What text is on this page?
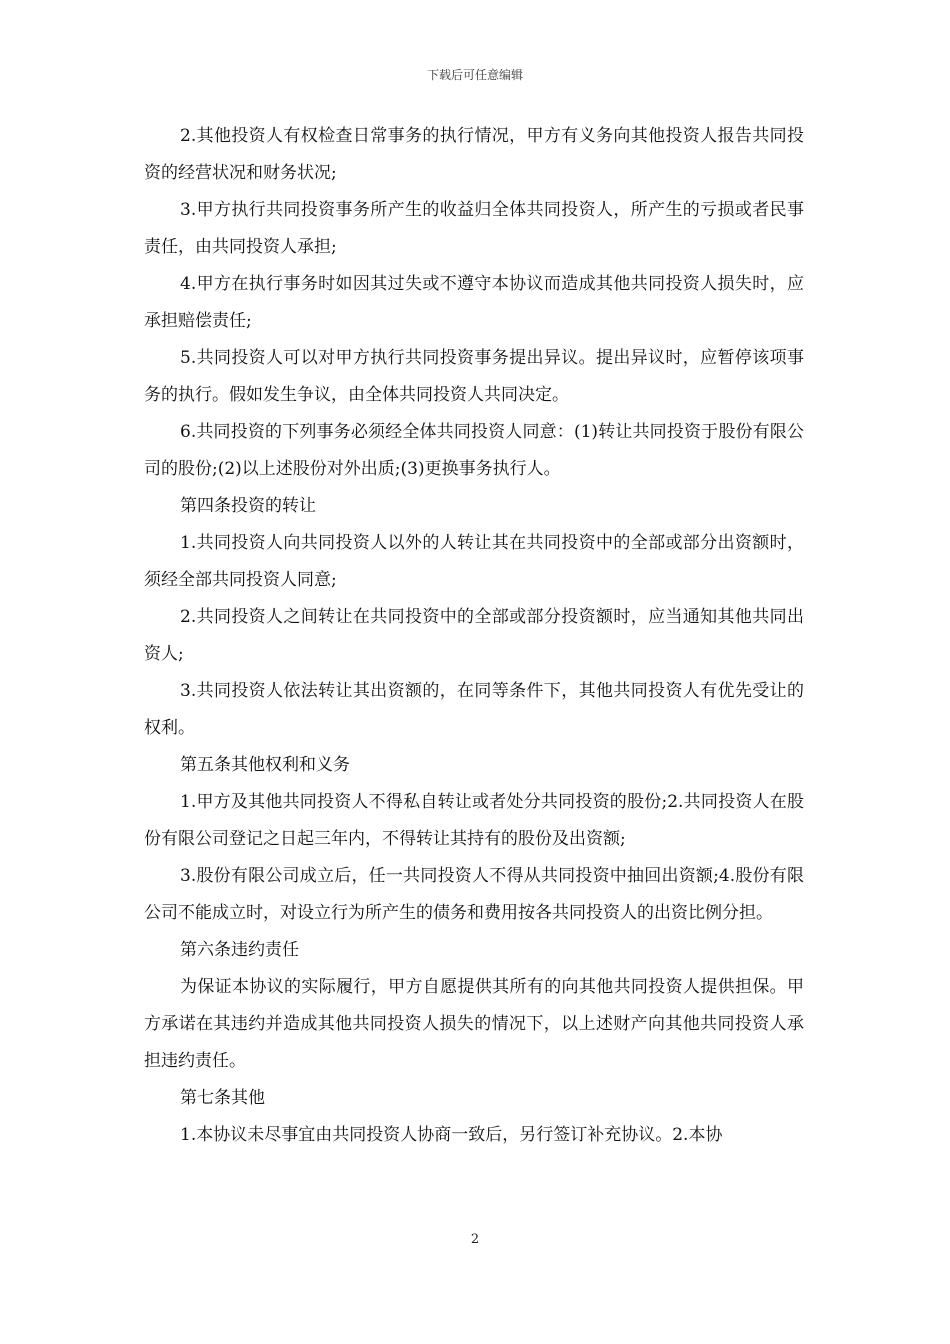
下载后可任意编辑

2.其他投资人有权检查日常事务的执行情况，甲方有义务向其他投资人报告共同投资的经营状况和财务状况;

3.甲方执行共同投资事务所产生的收益归全体共同投资人，所产生的亏损或者民事责任，由共同投资人承担;

4.甲方在执行事务时如因其过失或不遵守本协议而造成其他共同投资人损失时，应承担赔偿责任;

5.共同投资人可以对甲方执行共同投资事务提出异议。提出异议时，应暂停该项事务的执行。假如发生争议，由全体共同投资人共同决定。

6.共同投资的下列事务必须经全体共同投资人同意：(1)转让共同投资于股份有限公司的股份;(2)以上述股份对外出质;(3)更换事务执行人。

第四条投资的转让

1.共同投资人向共同投资人以外的人转让其在共同投资中的全部或部分出资额时，须经全部共同投资人同意;

2.共同投资人之间转让在共同投资中的全部或部分投资额时，应当通知其他共同出资人;

3.共同投资人依法转让其出资额的，在同等条件下，其他共同投资人有优先受让的权利。

第五条其他权利和义务

1.甲方及其他共同投资人不得私自转让或者处分共同投资的股份;2.共同投资人在股份有限公司登记之日起三年内，不得转让其持有的股份及出资额;

3.股份有限公司成立后，任一共同投资人不得从共同投资中抽回出资额;4.股份有限公司不能成立时，对设立行为所产生的债务和费用按各共同投资人的出资比例分担。

第六条违约责任

为保证本协议的实际履行，甲方自愿提供其所有的向其他共同投资人提供担保。甲方承诺在其违约并造成其他共同投资人损失的情况下，以上述财产向其他共同投资人承担违约责任。

第七条其他

1.本协议未尽事宜由共同投资人协商一致后，另行签订补充协议。2.本协

2
